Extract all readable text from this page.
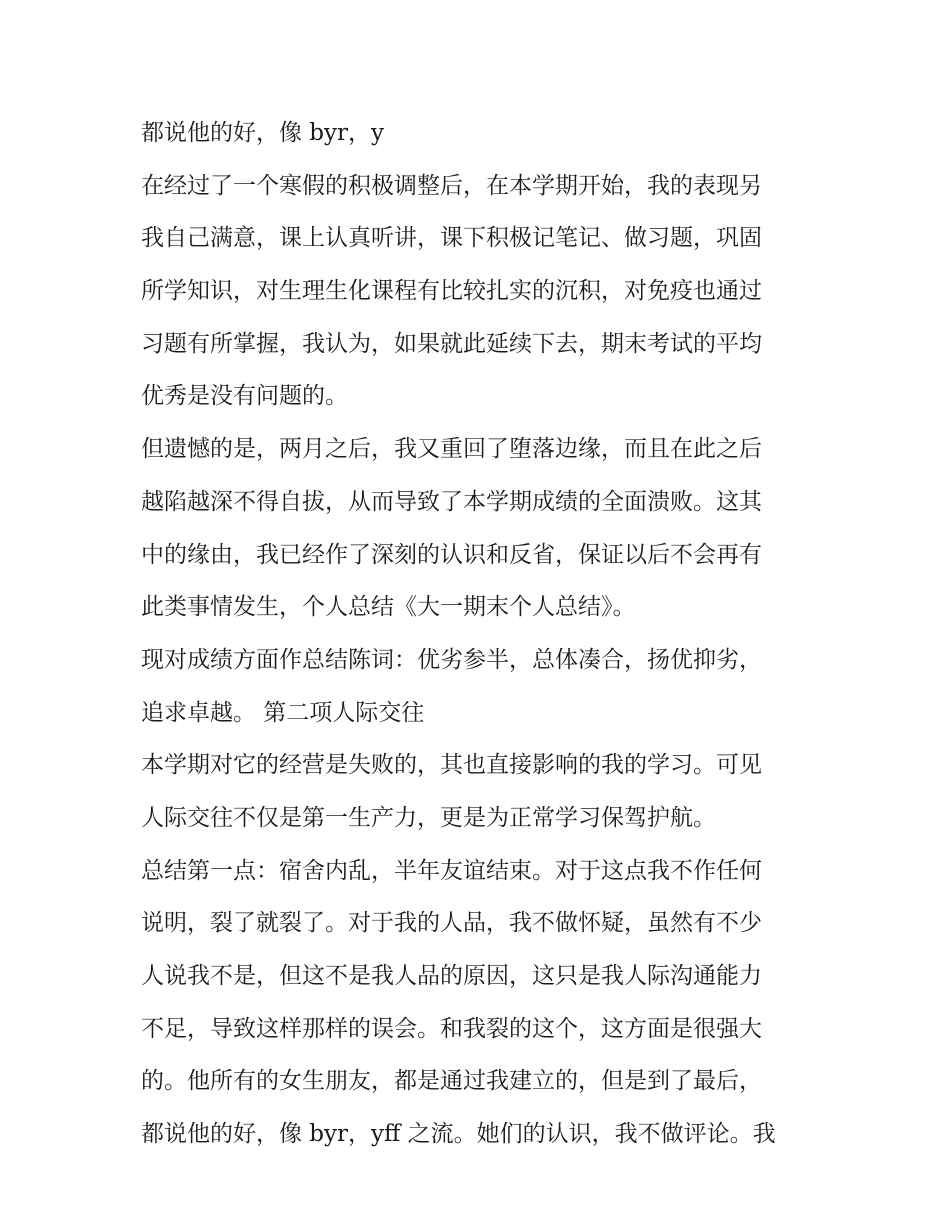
都说他的好，像 byr，y

在经过了一个寒假的积极调整后，在本学期开始，我的表现另

我自己满意，课上认真听讲，课下积极记笔记、做习题，巩固

所学知识，对生理生化课程有比较扎实的沉积，对免疫也通过

习题有所掌握，我认为，如果就此延续下去，期末考试的平均

优秀是没有问题的。

但遗憾的是，两月之后，我又重回了堕落边缘，而且在此之后

越陷越深不得自拔，从而导致了本学期成绩的全面溃败。这其

中的缘由，我已经作了深刻的认识和反省，保证以后不会再有

此类事情发生，个人总结《大一期末个人总结》。

现对成绩方面作总结陈词：优劣参半，总体凑合，扬优抑劣，

追求卓越。 第二项人际交往

本学期对它的经营是失败的，其也直接影响的我的学习。可见

人际交往不仅是第一生产力，更是为正常学习保驾护航。

总结第一点：宿舍内乱，半年友谊结束。对于这点我不作任何

说明，裂了就裂了。对于我的人品，我不做怀疑，虽然有不少

人说我不是，但这不是我人品的原因，这只是我人际沟通能力

不足，导致这样那样的误会。和我裂的这个，这方面是很强大

的。他所有的女生朋友，都是通过我建立的，但是到了最后，

都说他的好，像 byr，yff 之流。她们的认识，我不做评论。我
